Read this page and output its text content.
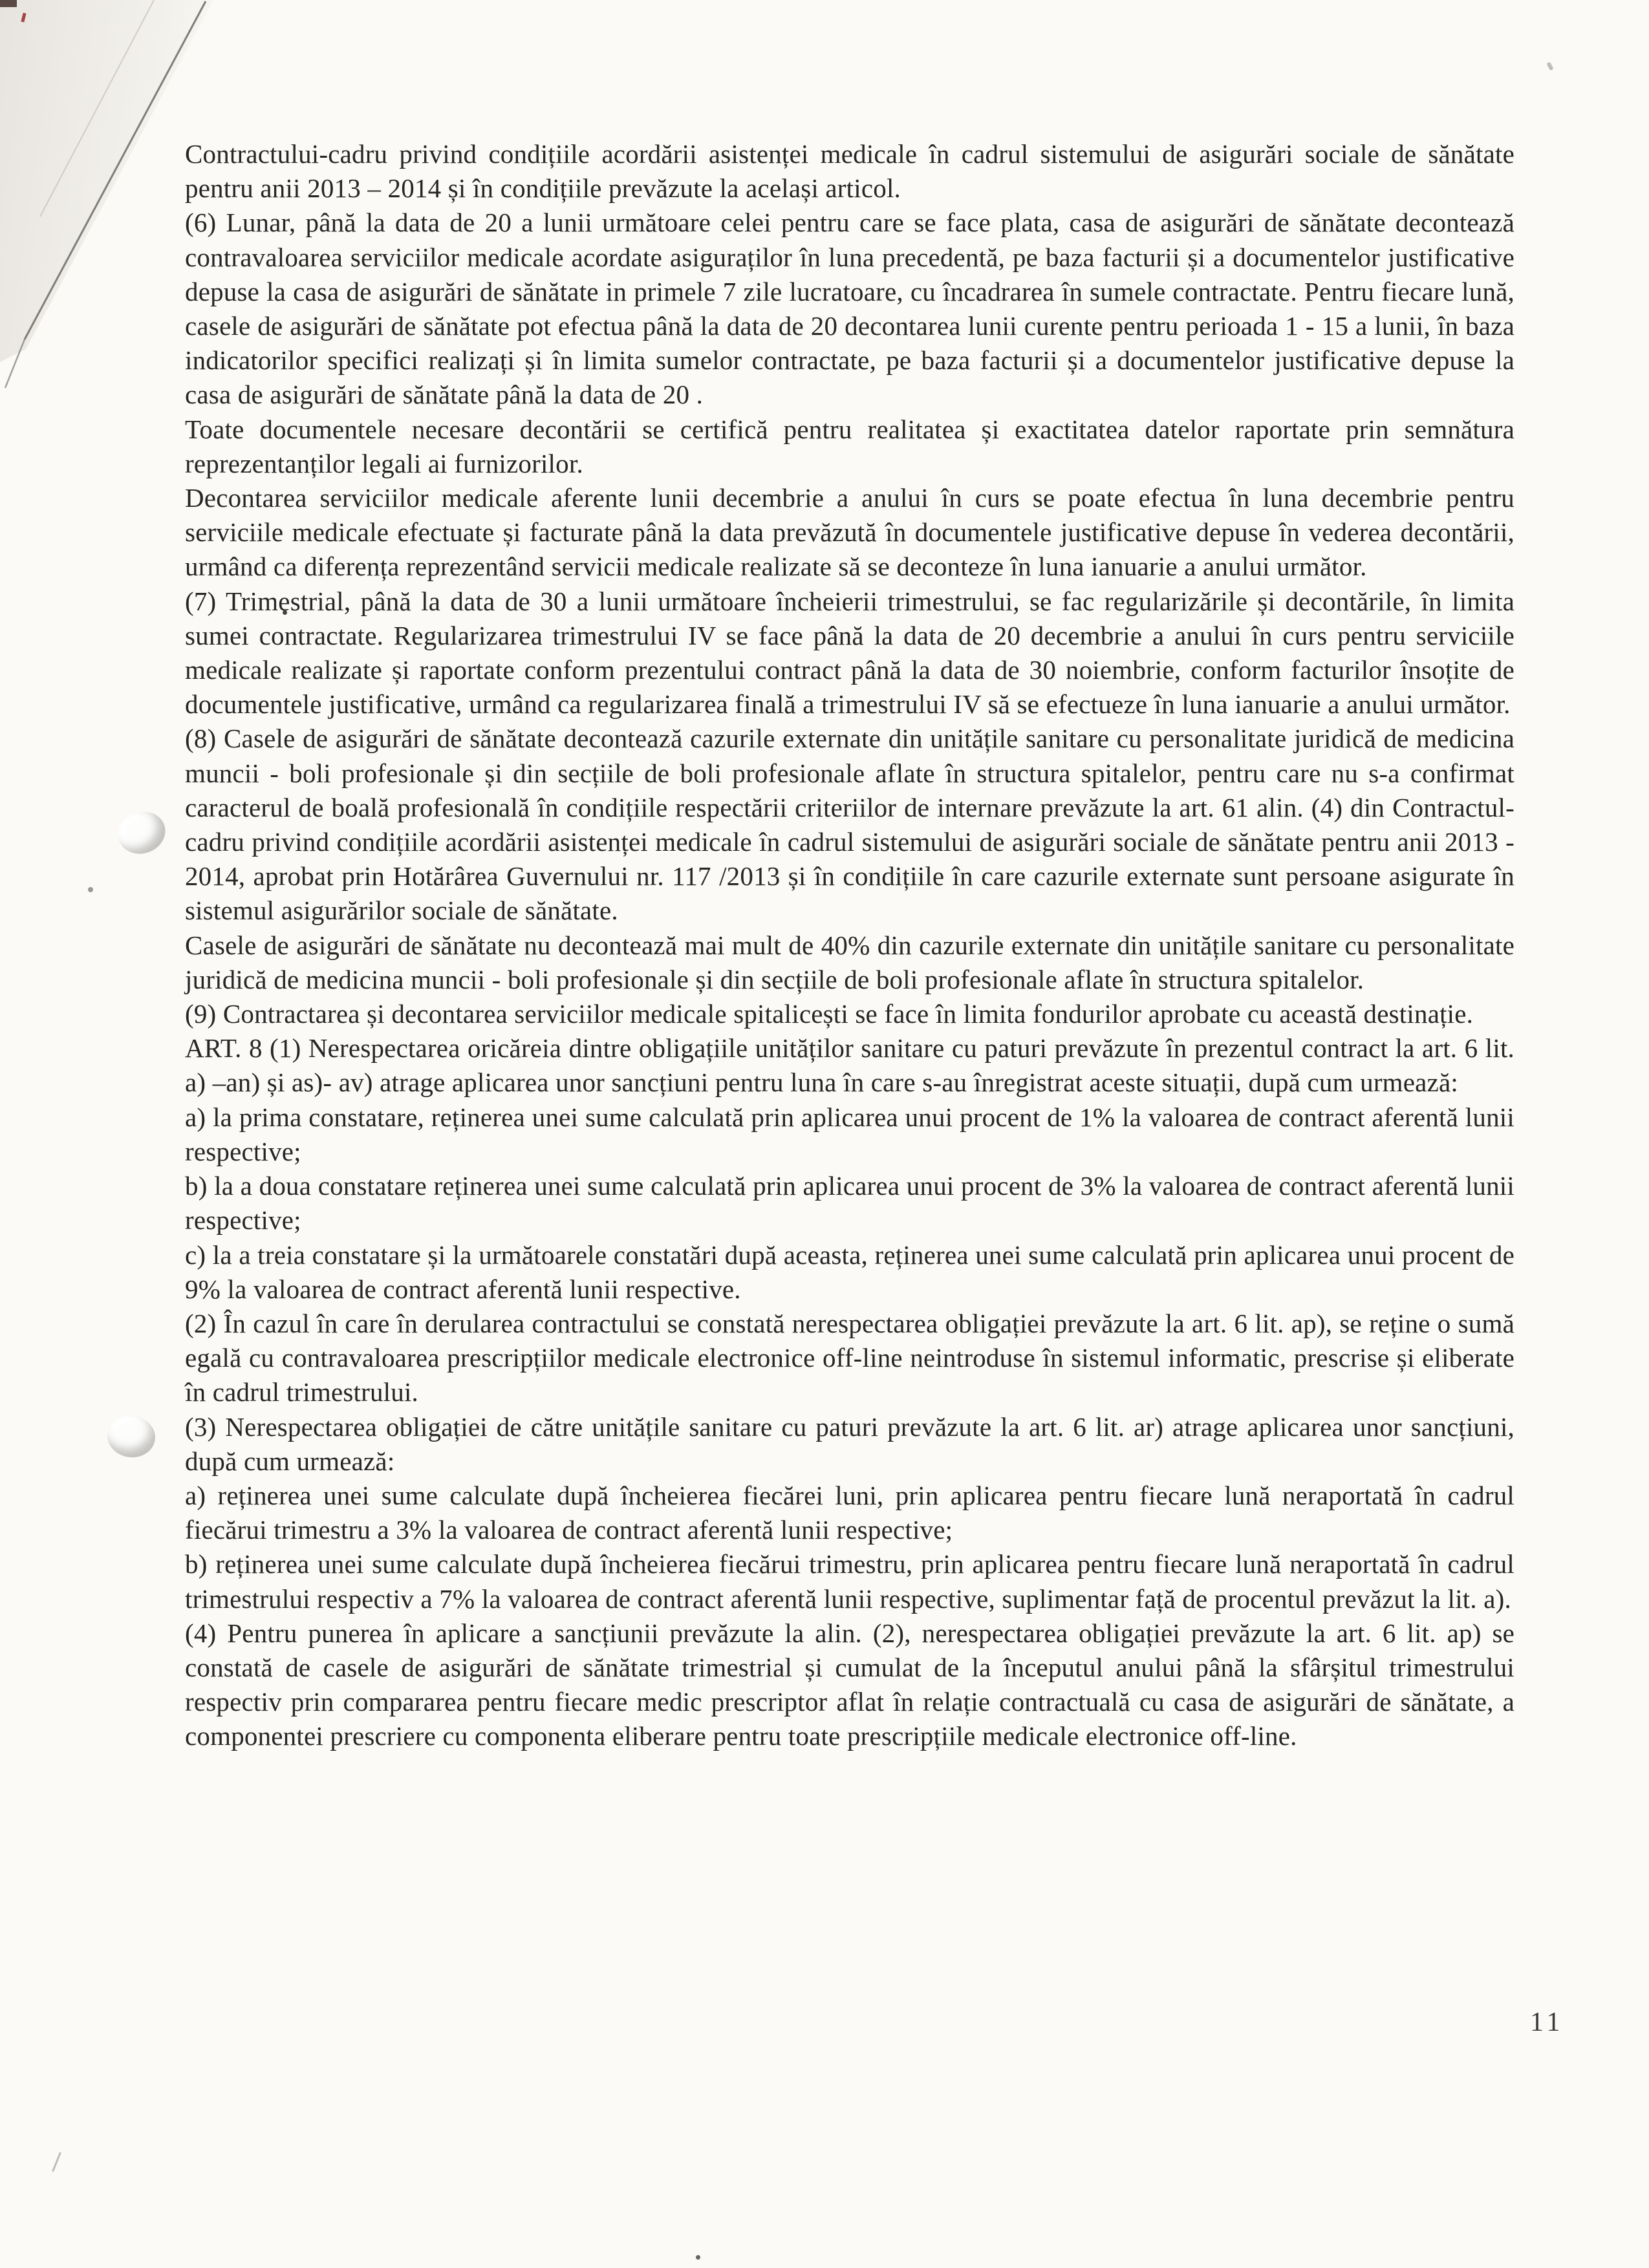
Contractului-cadru privind condițiile acordării asistenței medicale în cadrul sistemului de asigurări sociale de sănătate pentru anii 2013 – 2014 și în condițiile prevăzute la același articol.

(6) Lunar, până la data de 20 a lunii următoare celei pentru care se face plata, casa de asigurări de sănătate decontează contravaloarea serviciilor medicale acordate asiguraților în luna precedentă, pe baza facturii și a documentelor justificative depuse la casa de asigurări de sănătate in primele 7 zile lucratoare, cu încadrarea în sumele contractate. Pentru fiecare lună, casele de asigurări de sănătate pot efectua până la data de 20 decontarea lunii curente pentru perioada 1 - 15 a lunii, în baza indicatorilor specifici realizați și în limita sumelor contractate, pe baza facturii și a documentelor justificative depuse la casa de asigurări de sănătate până la data de 20 .

Toate documentele necesare decontării se certifică pentru realitatea și exactitatea datelor raportate prin semnătura reprezentanților legali ai furnizorilor.

Decontarea serviciilor medicale aferente lunii decembrie a anului în curs se poate efectua în luna decembrie pentru serviciile medicale efectuate și facturate până la data prevăzută în documentele justificative depuse în vederea decontării, urmând ca diferența reprezentând servicii medicale realizate să se deconteze în luna ianuarie a anului următor.

(7) Trimestrial, până la data de 30 a lunii următoare încheierii trimestrului, se fac regularizările și decontările, în limita sumei contractate. Regularizarea trimestrului IV se face până la data de 20 decembrie a anului în curs pentru serviciile medicale realizate și raportate conform prezentului contract până la data de 30 noiembrie, conform facturilor însoțite de documentele justificative, urmând ca regularizarea finală a trimestrului IV să se efectueze în luna ianuarie a anului următor.

(8) Casele de asigurări de sănătate decontează cazurile externate din unitățile sanitare cu personalitate juridică de medicina muncii - boli profesionale și din secțiile de boli profesionale aflate în structura spitalelor, pentru care nu s-a confirmat caracterul de boală profesională în condițiile respectării criteriilor de internare prevăzute la art. 61 alin. (4) din Contractul-cadru privind condițiile acordării asistenței medicale în cadrul sistemului de asigurări sociale de sănătate pentru anii 2013 - 2014, aprobat prin Hotărârea Guvernului nr. 117 /2013 și în condițiile în care cazurile externate sunt persoane asigurate în sistemul asigurărilor sociale de sănătate.

Casele de asigurări de sănătate nu decontează mai mult de 40% din cazurile externate din unitățile sanitare cu personalitate juridică de medicina muncii - boli profesionale și din secțiile de boli profesionale aflate în structura spitalelor.

(9) Contractarea și decontarea serviciilor medicale spitalicești se face în limita fondurilor aprobate cu această destinație.

ART. 8 (1) Nerespectarea oricăreia dintre obligațiile unităților sanitare cu paturi prevăzute în prezentul contract la art. 6 lit. a) –an) și as)- av) atrage aplicarea unor sancțiuni pentru luna în care s-au înregistrat aceste situații, după cum urmează:

a) la prima constatare, reținerea unei sume calculată prin aplicarea unui procent de 1% la valoarea de contract aferentă lunii respective;

b) la a doua constatare reținerea unei sume calculată prin aplicarea unui procent de 3% la valoarea de contract aferentă lunii respective;

c) la a treia constatare și la următoarele constatări după aceasta, reținerea unei sume calculată prin aplicarea unui procent de 9% la valoarea de contract aferentă lunii respective.

(2) În cazul în care în derularea contractului se constată nerespectarea obligației prevăzute la art. 6 lit. ap), se reține o sumă egală cu contravaloarea prescripțiilor medicale electronice off-line neintroduse în sistemul informatic, prescrise și eliberate în cadrul trimestrului.

(3) Nerespectarea obligației de către unitățile sanitare cu paturi prevăzute la art. 6 lit. ar) atrage aplicarea unor sancțiuni, după cum urmează:

a) reținerea unei sume calculate după încheierea fiecărei luni, prin aplicarea pentru fiecare lună neraportată în cadrul fiecărui trimestru a 3% la valoarea de contract aferentă lunii respective;

b) reținerea unei sume calculate după încheierea fiecărui trimestru, prin aplicarea pentru fiecare lună neraportată în cadrul trimestrului respectiv a 7% la valoarea de contract aferentă lunii respective, suplimentar față de procentul prevăzut la lit. a).

(4) Pentru punerea în aplicare a sancțiunii prevăzute la alin. (2), nerespectarea obligației prevăzute la art. 6 lit. ap) se constată de casele de asigurări de sănătate trimestrial și cumulat de la începutul anului până la sfârșitul trimestrului respectiv prin compararea pentru fiecare medic prescriptor aflat în relație contractuală cu casa de asigurări de sănătate, a componentei prescriere cu componenta eliberare pentru toate prescripțiile medicale electronice off-line.

11
